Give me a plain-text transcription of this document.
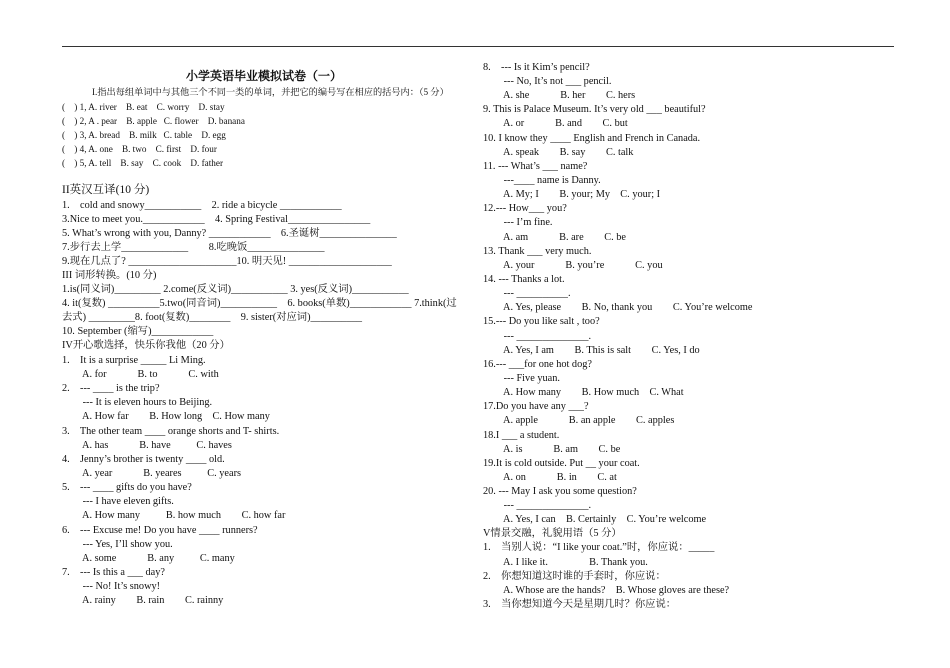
小学英语毕业模拟试卷（一）
I.指出每组单词中与其他三个不同一类的单词，并把它的编号写在相应的括号内：（5 分）
(    ) 1, A. river    B. eat    C. worry    D. stay
(    ) 2, A . pear    B. apple   C. flower    D. banana
(    ) 3, A. bread    B. milk   C. table    D. egg
(    ) 4, A. one    B. two    C. first    D. four
(    ) 5, A. tell    B. say    C. cook    D. father
II英汉互译(10 分)
1.    cold and snowy___________    2. ride a bicycle ____________
3.Nice to meet you.____________    4. Spring Festival________________
5. What’s wrong with you, Danny? ____________    6.圣诞树_______________
7.步行去上学_____________        8.吃晚饭_______________
9.现在几点了? _____________________10. 明天见! ____________________
III 词形转换。(10 分)
1.is(同义词)_________ 2.come(反义词)___________ 3. yes(反义词)___________
4. it(复数) __________5.two(同音词)___________    6. books(单数)____________ 7.think(过
去式) _________8. foot(复数)________    9. sister(对应词)__________
10. September (缩写)____________
IV开心歌选择，快乐你我他（20 分）
1.    It is a surprise _____ Li Ming.
A. for            B. to            C. with
2.    --- ____ is the trip?
--- It is eleven hours to Beijing.
A. How far        B. How long    C. How many
3.    The other team ____ orange shorts and T- shirts.
A. has            B. have          C. haves
4.    Jenny’s brother is twenty ____ old.
A. year            B. yeares          C. years
5.    --- ____ gifts do you have?
--- I have eleven gifts.
A. How many          B. how much        C. how far
6.    --- Excuse me! Do you have ____ runners?
--- Yes, I’ll show you.
A. some            B. any          C. many
7.    --- Is this a ___ day?
--- No! It’s snowy!
A. rainy        B. rain        C. rainny
8.    --- Is it Kim’s pencil?
--- No, It’s not ___ pencil.
A. she            B. her        C. hers
9. This is Palace Museum. It’s very old ___ beautiful?
A. or            B. and        C. but
10. I know they ____ English and French in Canada.
A. speak        B. say        C. talk
11. --- What’s ___ name?
---____ name is Danny.
A. My; I        B. your; My    C. your; I
12.--- How___ you?
--- I’m fine.
A. am            B. are        C. be
13. Thank ___ very much.
A. your            B. you’re            C. you
14. --- Thanks a lot.
--- __________.
A. Yes, please        B. No, thank you        C. You’re welcome
15.--- Do you like salt , too?
--- ______________.
A. Yes, I am        B. This is salt        C. Yes, I do
16.--- ___for one hot dog?
--- Five yuan.
A. How many        B. How much    C. What
17.Do you have any ___?
A. apple            B. an apple        C. apples
18.I ___ a student.
A. is            B. am        C. be
19.It is cold outside. Put __ your coat.
A. on            B. in        C. at
20. --- May I ask you some question?
--- ______________.
A. Yes, I can    B. Certainly    C. You’re welcome
V情景交融，礼貌用语（5 分）
1.    当别人说：“I like your coat.”时，你应说：_____
A. I like it.                B. Thank you.
2.    你想知道这时谁的手套时，你应说：
A. Whose are the hands?    B. Whose gloves are these?
3.    当你想知道今天是星期几时？你应说：
